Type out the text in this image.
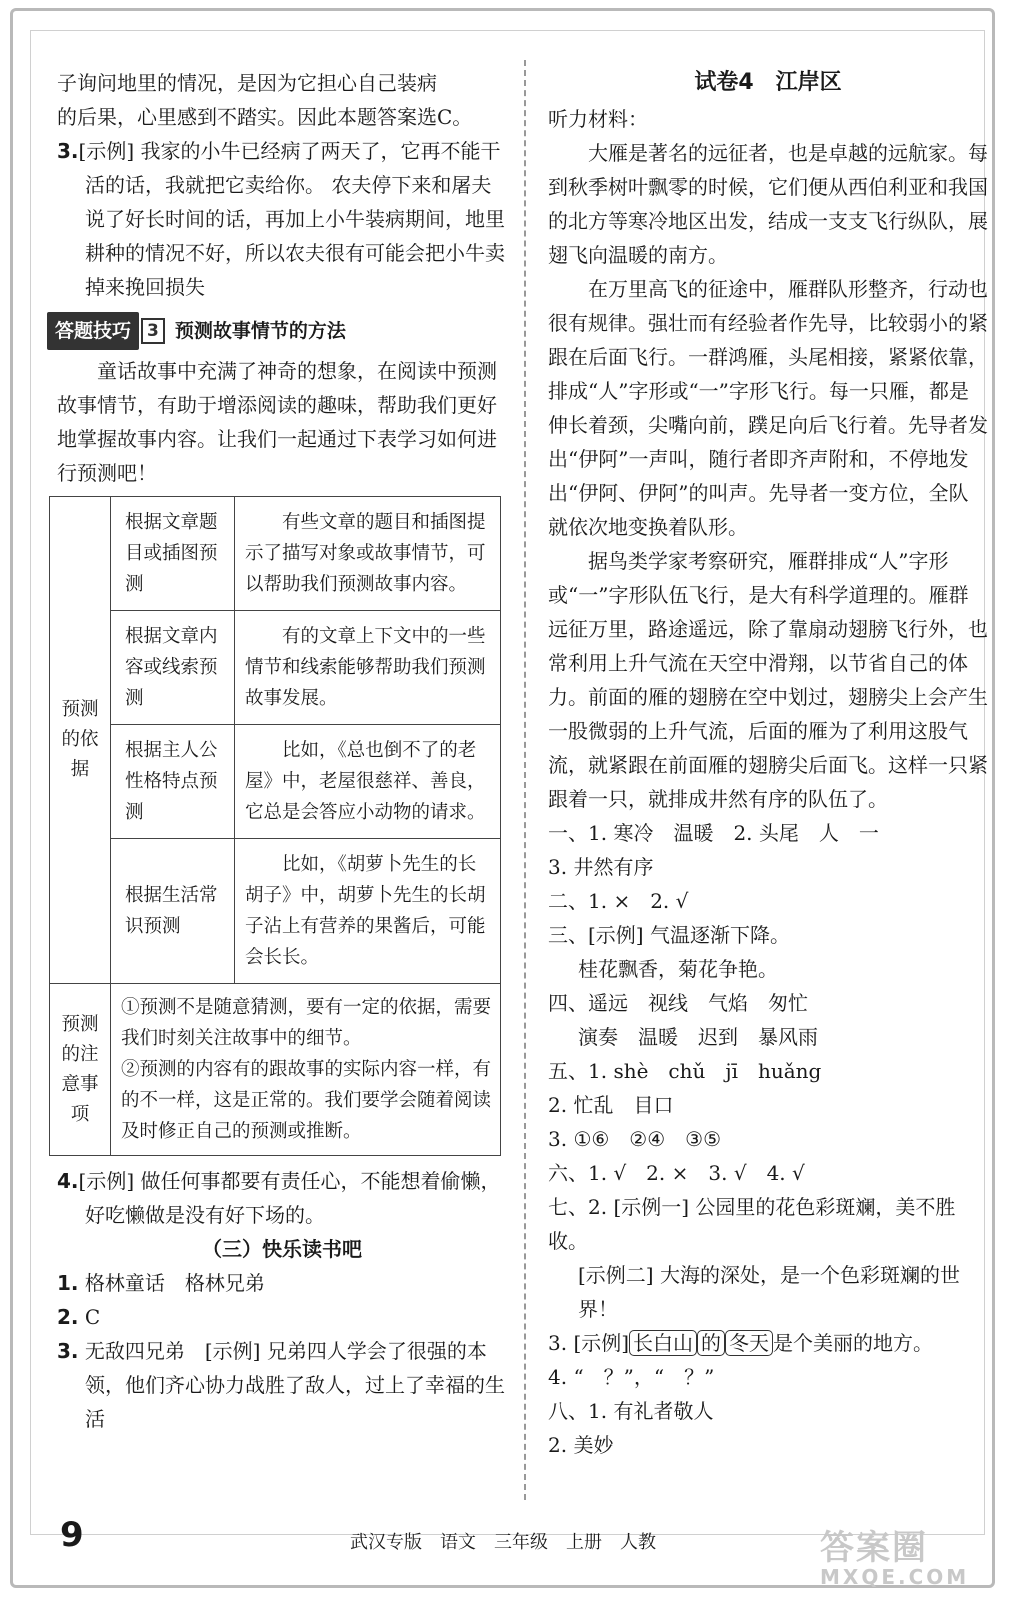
子询问地里的情况，是因为它担心自己装病

的后果，心里感到不踏实。因此本题答案选C。

3.[示例] 我家的小牛已经病了两天了，它再不能干活的话，我就把它卖给你。 农夫停下来和屠夫说了好长时间的话，再加上小牛装病期间，地里耕种的情况不好，所以农夫很有可能会把小牛卖掉来挽回损失

答题技巧 3 预测故事情节的方法

童话故事中充满了神奇的想象，在阅读中预测故事情节，有助于增添阅读的趣味，帮助我们更好地掌握故事内容。让我们一起通过下表学习如何进行预测吧！

预测的依据	根据文章题目或插图预测	有些文章的题目和插图提示了描写对象或故事情节，可以帮助我们预测故事内容。
	根据文章内容或线索预测	有的文章上下文中的一些情节和线索能够帮助我们预测故事发展。
	根据主人公性格特点预测	比如，《总也倒不了的老屋》中，老屋很慈祥、善良，它总是会答应小动物的请求。
	根据生活常识预测	比如，《胡萝卜先生的长胡子》中，胡萝卜先生的长胡子沾上有营养的果酱后，可能会长长。
预测的注意事项	①预测不是随意猜测，要有一定的依据，需要我们时刻关注故事中的细节。

②预测的内容有的跟故事的实际内容一样，有的不一样，这是正常的。我们要学会随着阅读及时修正自己的预测或推断。	

4.[示例] 做任何事都要有责任心，不能想着偷懒，好吃懒做是没有好下场的。

（三）快乐读书吧

1. 格林童话　格林兄弟

2. C

3. 无敌四兄弟　[示例] 兄弟四人学会了很强的本领，他们齐心协力战胜了敌人，过上了幸福的生活

试卷4　江岸区

听力材料：

大雁是著名的远征者，也是卓越的远航家。每到秋季树叶飘零的时候，它们便从西伯利亚和我国的北方等寒冷地区出发，结成一支支飞行纵队，展翅飞向温暖的南方。

在万里高飞的征途中，雁群队形整齐，行动也很有规律。强壮而有经验者作先导，比较弱小的紧跟在后面飞行。一群鸿雁，头尾相接，紧紧依靠，排成“人”字形或“一”字形飞行。每一只雁，都是伸长着颈，尖嘴向前，蹼足向后飞行着。先导者发出“伊阿”一声叫，随行者即齐声附和，不停地发出“伊阿、伊阿”的叫声。先导者一变方位，全队就依次地变换着队形。

据鸟类学家考察研究，雁群排成“人”字形或“一”字形队伍飞行，是大有科学道理的。雁群远征万里，路途遥远，除了靠扇动翅膀飞行外，也常利用上升气流在天空中滑翔，以节省自己的体力。前面的雁的翅膀在空中划过，翅膀尖上会产生一股微弱的上升气流，后面的雁为了利用这股气流，就紧跟在前面雁的翅膀尖后面飞。这样一只紧跟着一只，就排成井然有序的队伍了。

一、1. 寒冷　温暖　2. 头尾　人　一

3. 井然有序

二、1. ×　2. √

三、[示例] 气温逐渐下降。

桂花飘香，菊花争艳。

四、遥远　视线　气焰　匆忙

演奏　温暖　迟到　暴风雨

五、1. shè　chǔ　jī　huǎng

2. 忙乱　目口

3. ①⑥　②④　③⑤

六、1. √　2. ×　3. √　4. √

七、2. [示例一] 公园里的花色彩斑斓，美不胜收。

[示例二] 大海的深处，是一个色彩斑斓的世界！

3. [示例] 长白山 的 冬天 是个美丽的地方。

4. “　？”，“　？”

八、1. 有礼者敬人

2. 美妙

9	武汉专版　语文　三年级　上册　人教	答案圈
MXQE.COM
